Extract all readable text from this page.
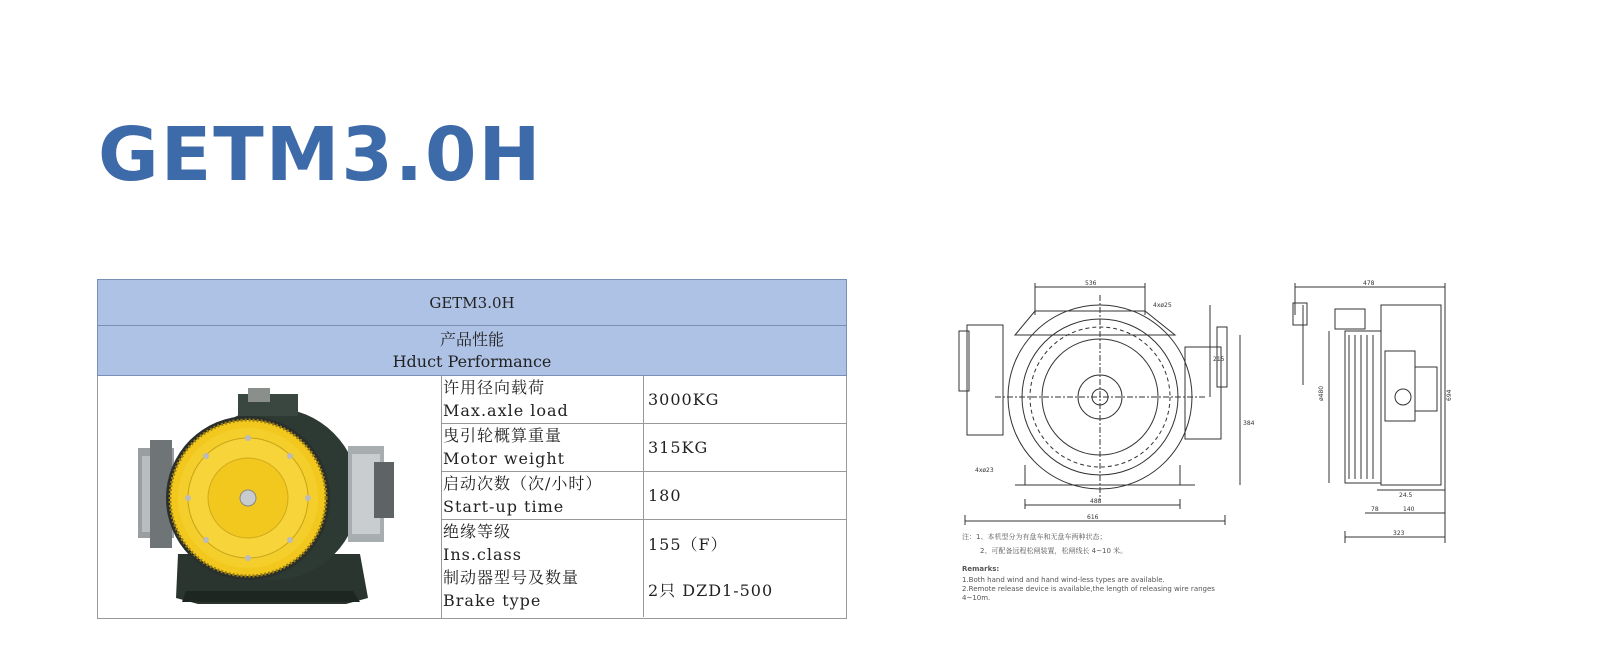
GETM3.0H
GETM3.0H
产品性能
Hduct Performance
许用径向载荷
Max.axle load
3000KG
曳引轮概算重量
Motor weight
315KG
启动次数（次/小时）
Start-up time
180
绝缘等级
Ins.class
制动器型号及数量
Brake type
155（F）
2只 DZD1-500
536
4xø25
4xø23
488
616
215
384
478
ø480	694
24.5
78	140
323
注：1、本机型分为有盘车和无盘车两种状态；
2、可配备远程松闸装置，松闸线长 4~10 米。
Remarks:
1.Both hand wind and hand wind-less types are available.
2.Remote release device is available,the length of releasing wire ranges 4~10m.
